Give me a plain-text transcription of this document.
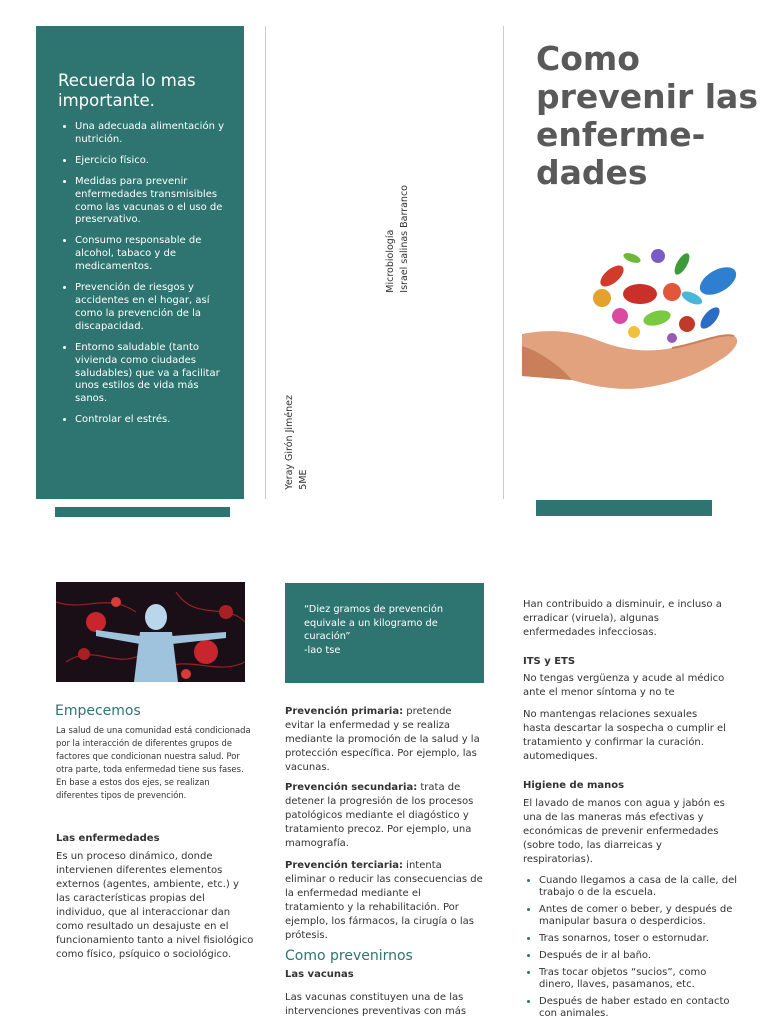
Recuerda lo mas importante.
• Una adecuada alimentación y nutrición.
• Ejercicio físico.
• Medidas para prevenir enfermedades transmisibles como las vacunas o el uso de preservativo.
• Consumo responsable de alcohol, tabaco y de medicamentos.
• Prevención de riesgos y accidentes en el hogar, así como la prevención de la discapacidad.
• Entorno saludable (tanto vivienda como ciudades saludables) que va a facilitar unos estilos de vida más sanos.
• Controlar el estrés.	Yeray Girón Jiménez 5ME
Microbiología Israel salinas Barranco
Como prevenir las enferme-dades
Empecemos

La salud de una comunidad está condicionada por la interacción de diferentes grupos de factores que condicionan nuestra salud. Por otra parte, toda enfermedad tiene sus fases. En base a estos dos ejes, se realizan diferentes tipos de prevención.

Las enfermedades

Es un proceso dinámico, donde intervienen diferentes elementos externos (agentes, ambiente, etc.) y las características propias del individuo, que al interaccionar dan como resultado un desajuste en el funcionamiento tanto a nivel fisiológico como físico, psíquico o sociológico.

“Diez gramos de prevención equivale a un kilogramo de curación”

-lao tse

Prevención primaria: pretende evitar la enfermedad y se realiza mediante la promoción de la salud y la protección específica. Por ejemplo, las vacunas.

Prevención secundaria: trata de detener la progresión de los procesos patológicos mediante el diagóstico y tratamiento precoz. Por ejemplo, una mamografía.

Prevención terciaria: intenta eliminar o reducir las consecuencias de la enfermedad mediante el tratamiento y la rehabilitación. Por ejemplo, los fármacos, la cirugía o las prótesis.

Como prevenirnos
Las vacunas

Las vacunas constituyen una de las intervenciones preventivas con más

Han contribuido a disminuir, e incluso a erradicar (viruela), algunas enfermedades infecciosas.

ITS y ETS

No tengas vergüenza y acude al médico ante el menor síntoma y no te

No mantengas relaciones sexuales hasta descartar la sospecha o cumplir el tratamiento y confirmar la curación. automediques.

Higiene de manos

El lavado de manos con agua y jabón es una de las maneras más efectivas y económicas de prevenir enfermedades (sobre todo, las diarreicas y respiratorias).

• Cuando llegamos a casa de la calle, del trabajo o de la escuela.
• Antes de comer o beber, y después de manipular basura o desperdicios.
• Tras sonarnos, toser o estornudar.
• Después de ir al baño.
• Tras tocar objetos “sucios”, como dinero, llaves, pasamanos, etc.
• Después de haber estado en contacto con animales.
